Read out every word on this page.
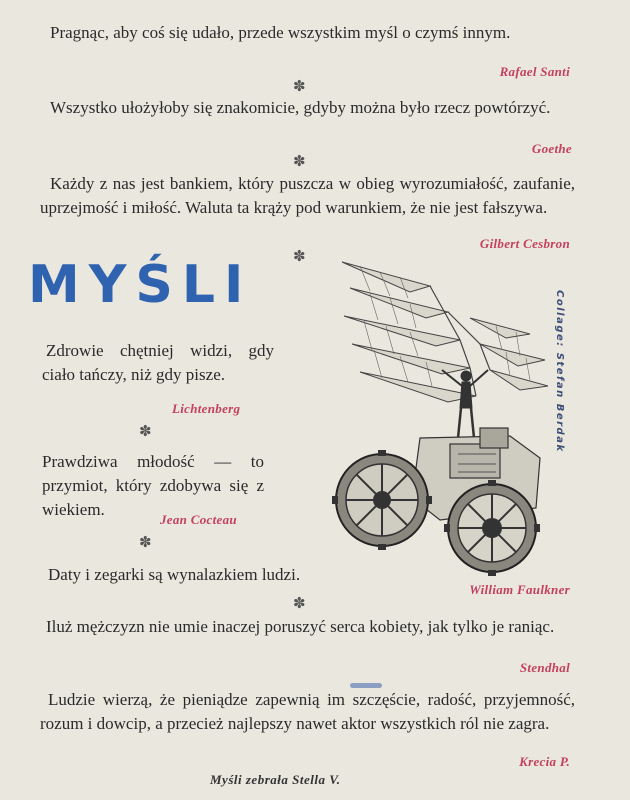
Pragnąc, aby coś się udało, przede wszystkim myśl o czymś innym.

Rafael Santi
✽

Wszystko ułożyłoby się znakomicie, gdyby można było rzecz powtórzyć.

Goethe
✽

Każdy z nas jest bankiem, który puszcza w obieg wyrozumiałość, zaufanie, uprzejmość i miłość. Waluta ta krąży pod warunkiem, że nie jest fałszywa.

Gilbert Cesbron
✽
MYŚLI

Zdrowie chętniej widzi, gdy ciało tańczy, niż gdy pisze.

Lichtenberg
✽

Prawdziwa młodość — to przymiot, który zdobywa się z wiekiem.

Jean Cocteau
✽

Daty i zegarki są wynalazkiem ludzi.

William Faulkner
✽

Iluż mężczyzn nie umie inaczej poruszyć serca kobiety, jak tylko je raniąc.

Stendhal

Ludzie wierzą, że pieniądze zapewnią im szczęście, radość, przyjemność, rozum i dowcip, a przecież najlepszy nawet aktor wszystkich ról nie zagra.

Krecia P.
Myśli zebrała Stella V.
Collage: Stefan Berdak
